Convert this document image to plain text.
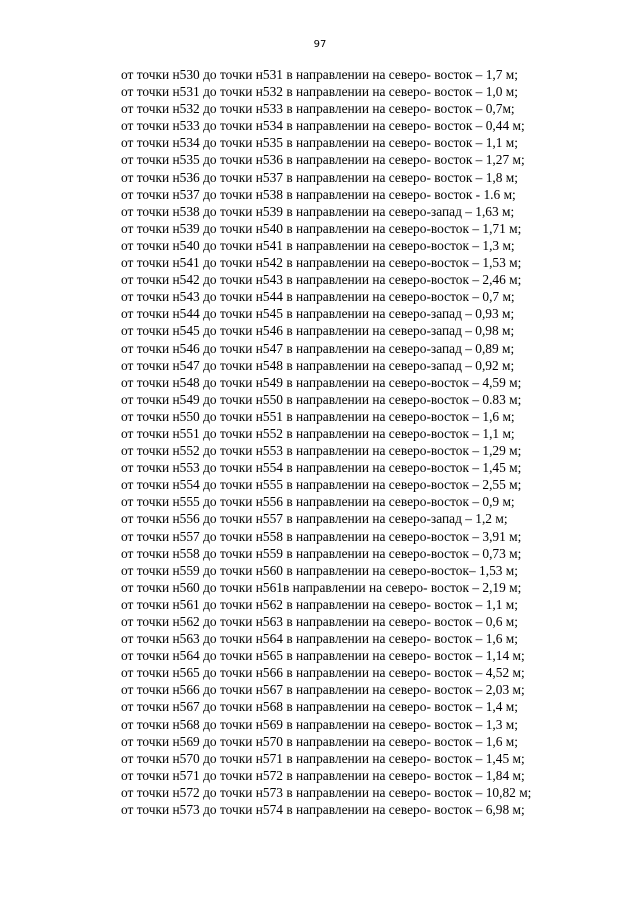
97
от точки н530 до точки н531 в направлении на северо- восток – 1,7 м;
от точки н531 до точки н532 в направлении на северо- восток – 1,0 м;
от точки н532 до точки н533 в направлении на северо- восток – 0,7м;
от точки н533 до точки н534 в направлении на северо- восток – 0,44 м;
от точки н534 до точки н535 в направлении на северо- восток – 1,1 м;
от точки н535 до точки н536 в направлении на северо- восток – 1,27 м;
от точки н536 до точки н537 в направлении на северо- восток – 1,8 м;
от точки н537 до точки н538 в направлении на северо- восток - 1.6 м;
от точки н538 до точки н539 в направлении на северо-запад – 1,63 м;
от точки н539 до точки н540 в направлении на северо-восток – 1,71 м;
от точки н540 до точки н541 в направлении на северо-восток – 1,3 м;
от точки н541 до точки н542 в направлении на северо-восток – 1,53 м;
от точки н542 до точки н543 в направлении на северо-восток – 2,46 м;
от точки н543 до точки н544 в направлении на северо-восток – 0,7 м;
от точки н544 до точки н545 в направлении на северо-запад – 0,93 м;
от точки н545 до точки н546 в направлении на северо-запад – 0,98 м;
от точки н546 до точки н547 в направлении на северо-запад – 0,89 м;
от точки н547 до точки н548 в направлении на северо-запад – 0,92 м;
от точки н548 до точки н549 в направлении на северо-восток – 4,59 м;
от точки н549 до точки н550 в направлении на северо-восток – 0.83 м;
от точки н550 до точки н551 в направлении на северо-восток – 1,6 м;
от точки н551 до точки н552 в направлении на северо-восток – 1,1 м;
от точки н552 до точки н553 в направлении на северо-восток – 1,29 м;
от точки н553 до точки н554 в направлении на северо-восток – 1,45 м;
от точки н554 до точки н555 в направлении на северо-восток – 2,55 м;
от точки н555 до точки н556 в направлении на северо-восток – 0,9 м;
от точки н556 до точки н557 в направлении на северо-запад – 1,2 м;
от точки н557 до точки н558 в направлении на северо-восток – 3,91 м;
от точки н558 до точки н559 в направлении на северо-восток – 0,73 м;
от точки н559 до точки н560 в направлении на северо-восток– 1,53 м;
от точки н560 до точки н561в направлении на северо- восток – 2,19 м;
от точки н561 до точки н562 в направлении на северо- восток – 1,1 м;
от точки н562 до точки н563 в направлении на северо- восток – 0,6 м;
от точки н563 до точки н564 в направлении на северо- восток – 1,6 м;
от точки н564 до точки н565 в направлении на северо- восток – 1,14 м;
от точки н565 до точки н566 в направлении на северо- восток – 4,52 м;
от точки н566 до точки н567 в направлении на северо- восток – 2,03 м;
от точки н567 до точки н568 в направлении на северо- восток – 1,4 м;
от точки н568 до точки н569 в направлении на северо- восток – 1,3 м;
от точки н569 до точки н570 в направлении на северо- восток – 1,6 м;
от точки н570 до точки н571 в направлении на северо- восток – 1,45 м;
от точки н571 до точки н572 в направлении на северо- восток – 1,84 м;
от точки н572 до точки н573 в направлении на северо- восток – 10,82 м;
от точки н573 до точки н574 в направлении на северо- восток – 6,98 м;
